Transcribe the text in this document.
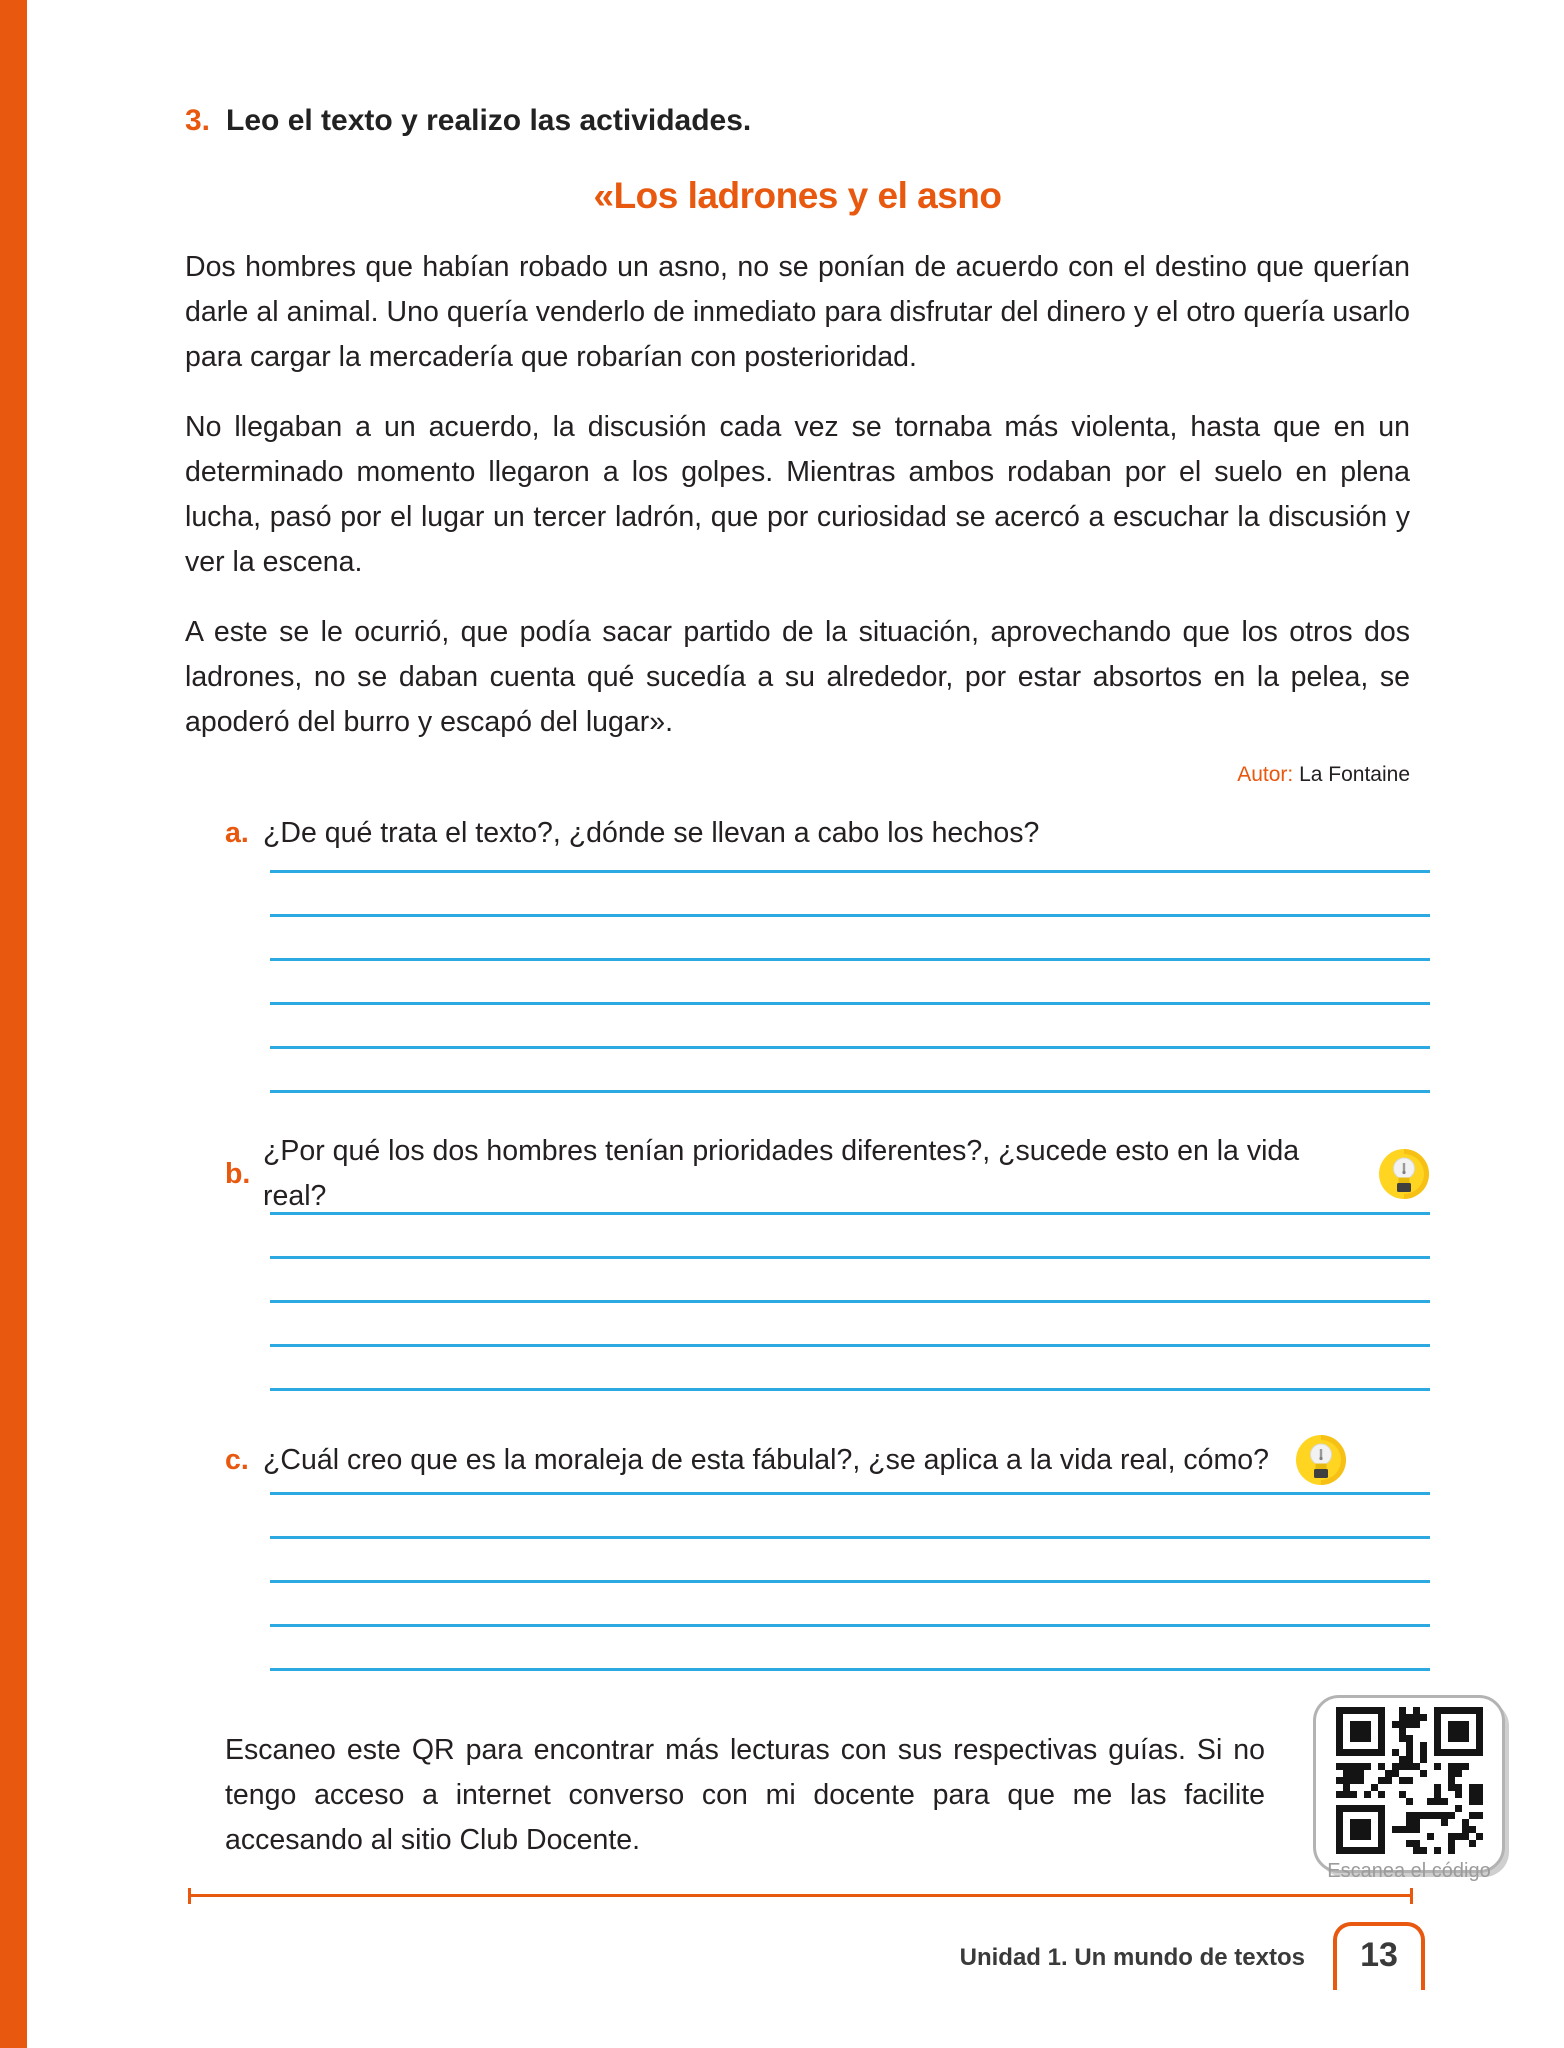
3. Leo el texto y realizo las actividades.
«Los ladrones y el asno

Dos hombres que habían robado un asno, no se ponían de acuerdo con el destino que querían darle al animal. Uno quería venderlo de inmediato para disfrutar del dinero y el otro quería usarlo para cargar la mercadería que robarían con posterioridad.

No llegaban a un acuerdo, la discusión cada vez se tornaba más violenta, hasta que en un determinado momento llegaron a los golpes. Mientras ambos rodaban por el suelo en plena lucha, pasó por el lugar un tercer ladrón, que por curiosidad se acercó a escuchar la discusión y ver la escena.

A este se le ocurrió, que podía sacar partido de la situación, aprovechando que los otros dos ladrones, no se daban cuenta qué sucedía a su alrededor, por estar absortos en la pelea, se apoderó del burro y escapó del lugar».

Autor: La Fontaine
a. ¿De qué trata el texto?, ¿dónde se llevan a cabo los hechos?
b.
¿Por qué los dos hombres tenían prioridades diferentes?, ¿sucede esto en la vida real?
c. ¿Cuál creo que es la moraleja de esta fábulal?, ¿se aplica a la vida real, cómo?

Escaneo este QR para encontrar más lecturas con sus respectivas guías. Si no tengo acceso a internet converso con mi docente para que me las facilite accesando al sitio Club Docente.

Escanea el código
Unidad 1. Un mundo de textos 13
